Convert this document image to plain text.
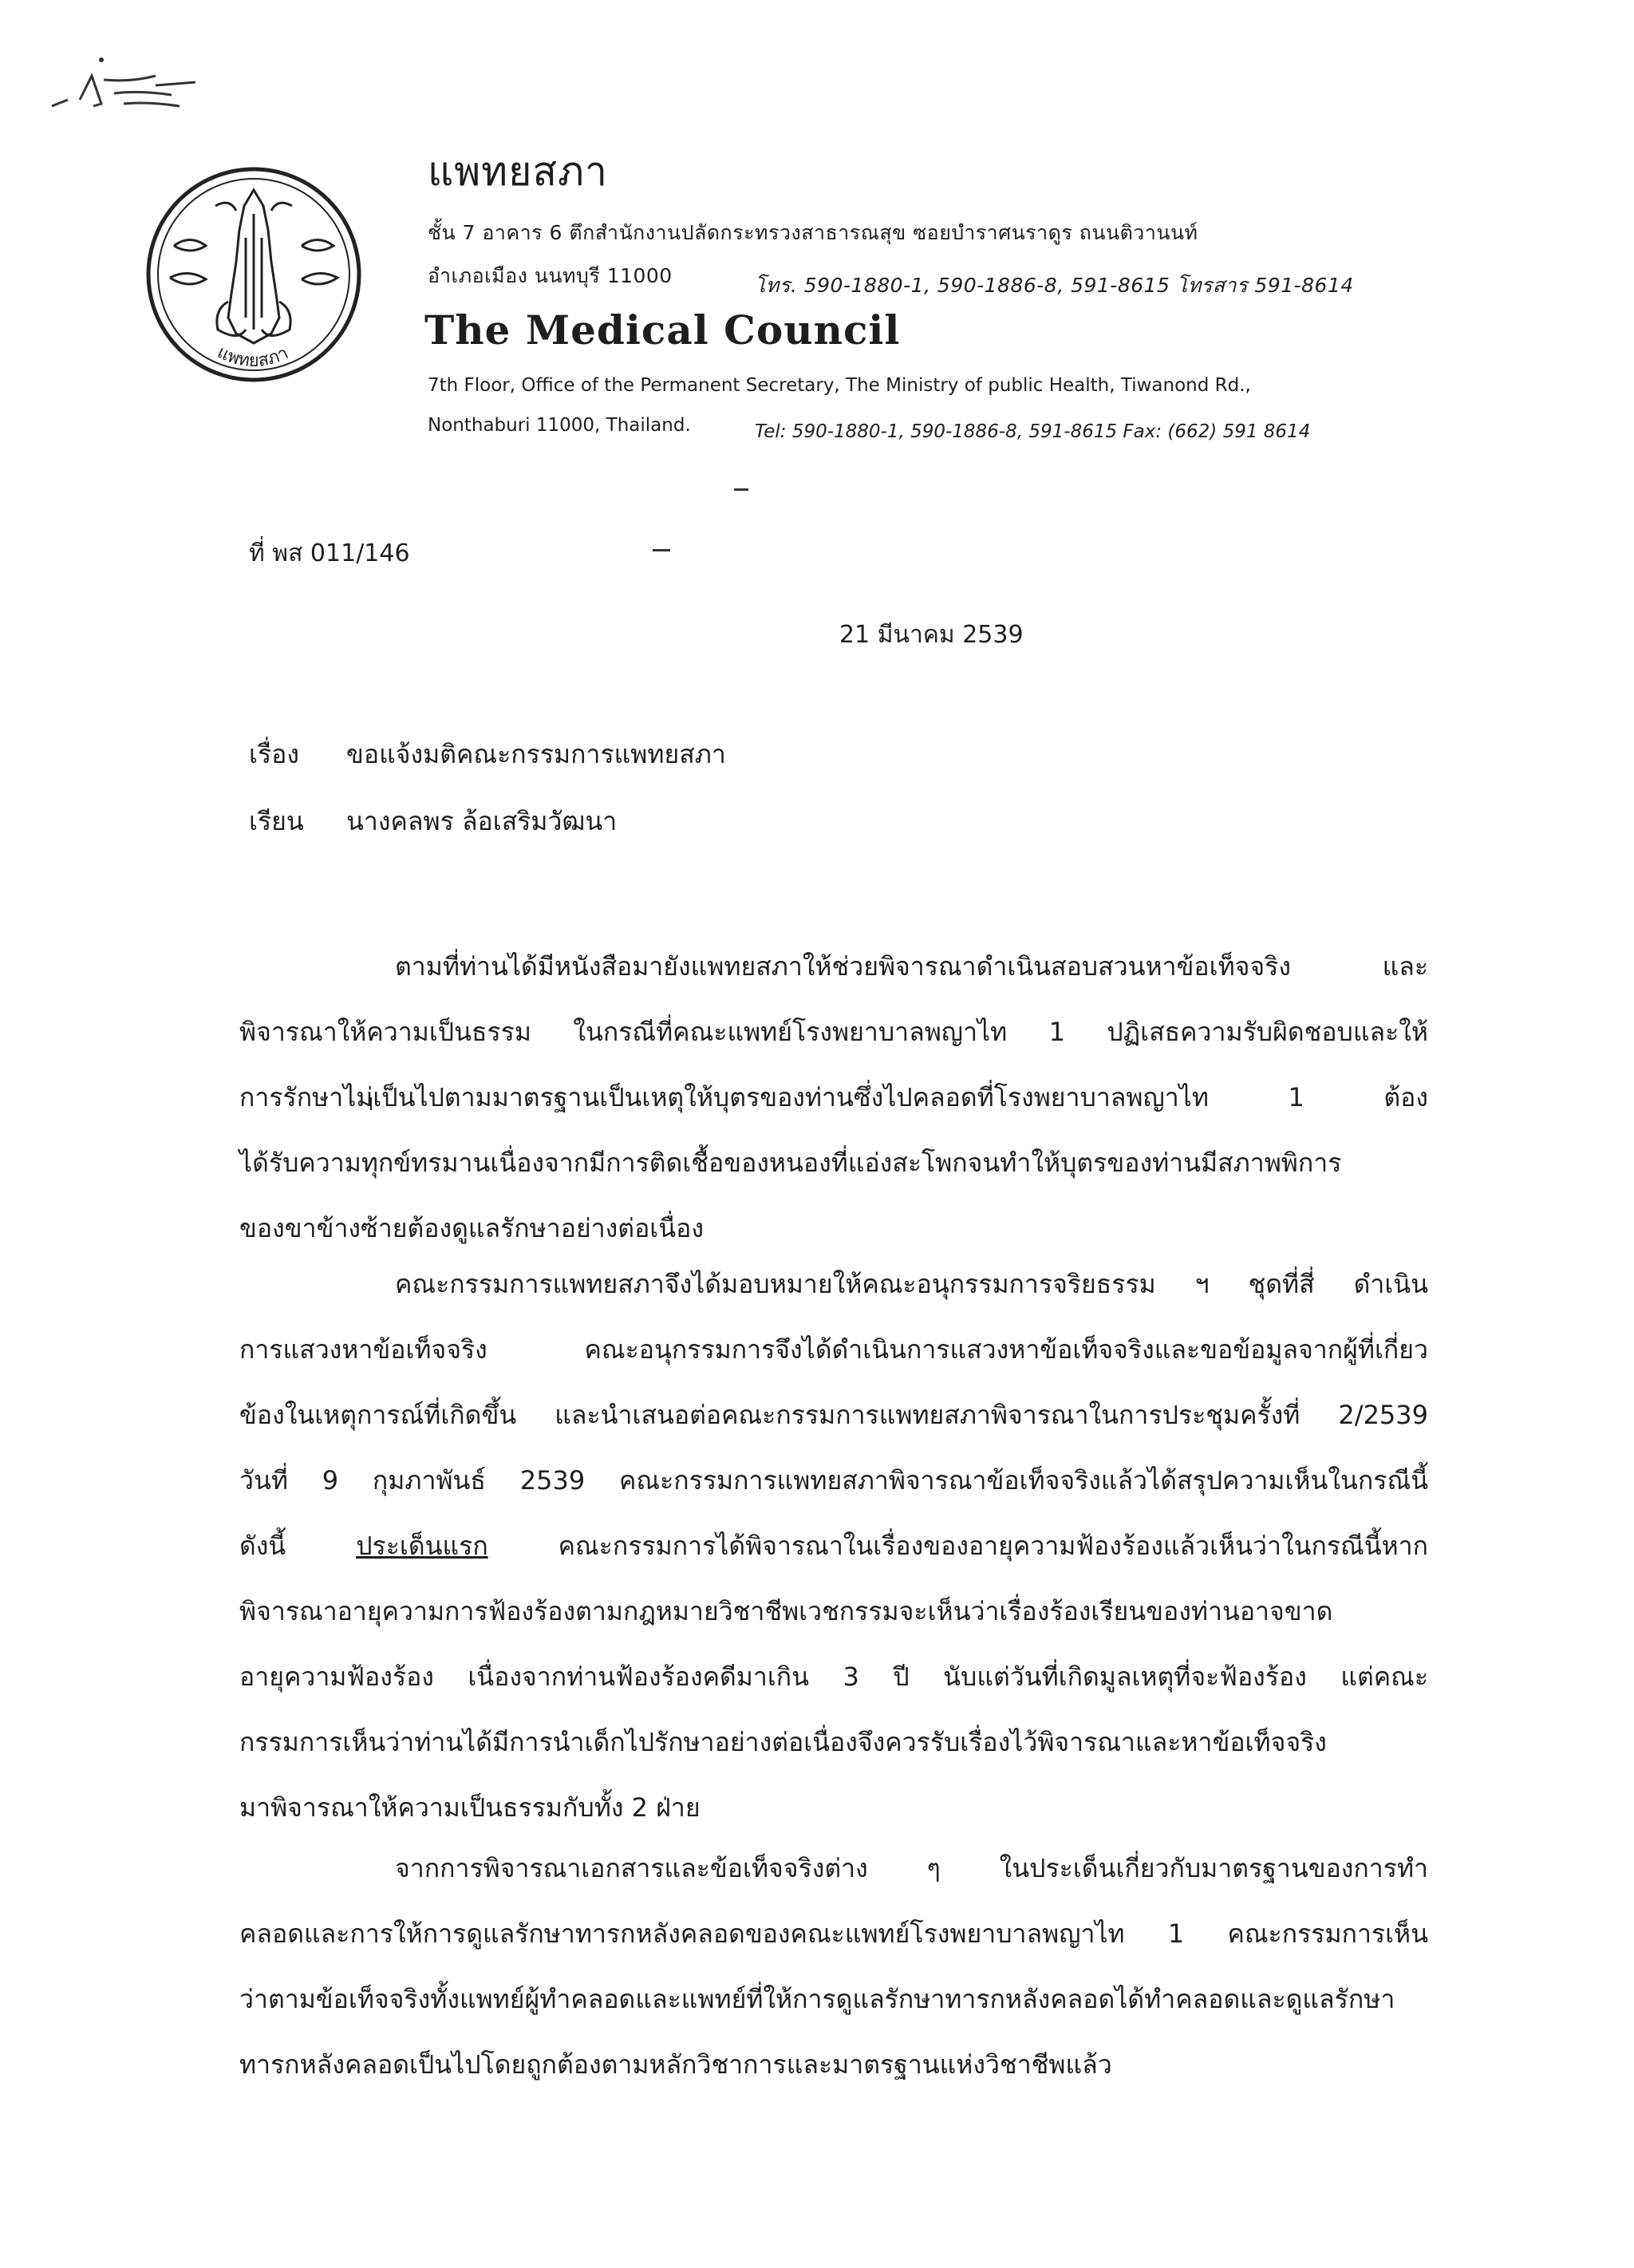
แพทยสภา
แพทยสภา
ชั้น 7 อาคาร 6 ตึกสำนักงานปลัดกระทรวงสาธารณสุข ซอยบำราศนราดูร ถนนติวานนท์
อำเภอเมือง นนทบุรี 11000	โทร. 590-1880-1, 590-1886-8, 591-8615 โทรสาร 591-8614
The Medical Council
7th Floor, Office of the Permanent Secretary, The Ministry of public Health, Tiwanond Rd.,
Nonthaburi 11000, Thailand.	Tel: 590-1880-1, 590-1886-8, 591-8615 Fax: (662) 591 8614
ที่ พส 011/146
21 มีนาคม 2539
เรื่อง ขอแจ้งมติคณะกรรมการแพทยสภา
เรียน นางคลพร ล้อเสริมวัฒนา
ตามที่ท่านได้มีหนังสือมายังแพทยสภาให้ช่วยพิจารณาดำเนินสอบสวนหาข้อเท็จจริง และ
พิจารณาให้ความเป็นธรรม ในกรณีที่คณะแพทย์โรงพยาบาลพญาไท 1 ปฏิเสธความรับผิดชอบและให้
การรักษาไม่เป็นไปตามมาตรฐานเป็นเหตุให้บุตรของท่านซึ่งไปคลอดที่โรงพยาบาลพญาไท 1 ต้อง
ได้รับความทุกข์ทรมานเนื่องจากมีการติดเชื้อของหนองที่แอ่งสะโพกจนทำให้บุตรของท่านมีสภาพพิการ
ของขาข้างซ้ายต้องดูแลรักษาอย่างต่อเนื่อง
คณะกรรมการแพทยสภาจึงได้มอบหมายให้คณะอนุกรรมการจริยธรรม ฯ ชุดที่สี่ ดำเนิน
การแสวงหาข้อเท็จจริง คณะอนุกรรมการจึงได้ดำเนินการแสวงหาข้อเท็จจริงและขอข้อมูลจากผู้ที่เกี่ยว
ข้องในเหตุการณ์ที่เกิดขึ้น และนำเสนอต่อคณะกรรมการแพทยสภาพิจารณาในการประชุมครั้งที่ 2/2539
วันที่ 9 กุมภาพันธ์ 2539 คณะกรรมการแพทยสภาพิจารณาข้อเท็จจริงแล้วได้สรุปความเห็นในกรณีนี้
ดังนี้ ประเด็นแรก คณะกรรมการได้พิจารณาในเรื่องของอายุความฟ้องร้องแล้วเห็นว่าในกรณีนี้หาก
พิจารณาอายุความการฟ้องร้องตามกฎหมายวิชาชีพเวชกรรมจะเห็นว่าเรื่องร้องเรียนของท่านอาจขาด
อายุความฟ้องร้อง เนื่องจากท่านฟ้องร้องคดีมาเกิน 3 ปี นับแต่วันที่เกิดมูลเหตุที่จะฟ้องร้อง แต่คณะ
กรรมการเห็นว่าท่านได้มีการนำเด็กไปรักษาอย่างต่อเนื่องจึงควรรับเรื่องไว้พิจารณาและหาข้อเท็จจริง
มาพิจารณาให้ความเป็นธรรมกับทั้ง 2 ฝ่าย
จากการพิจารณาเอกสารและข้อเท็จจริงต่าง ๆ ในประเด็นเกี่ยวกับมาตรฐานของการทำ
คลอดและการให้การดูแลรักษาทารกหลังคลอดของคณะแพทย์โรงพยาบาลพญาไท 1 คณะกรรมการเห็น
ว่าตามข้อเท็จจริงทั้งแพทย์ผู้ทำคลอดและแพทย์ที่ให้การดูแลรักษาทารกหลังคลอดได้ทำคลอดและดูแลรักษา
ทารกหลังคลอดเป็นไปโดยถูกต้องตามหลักวิชาการและมาตรฐานแห่งวิชาชีพแล้ว
